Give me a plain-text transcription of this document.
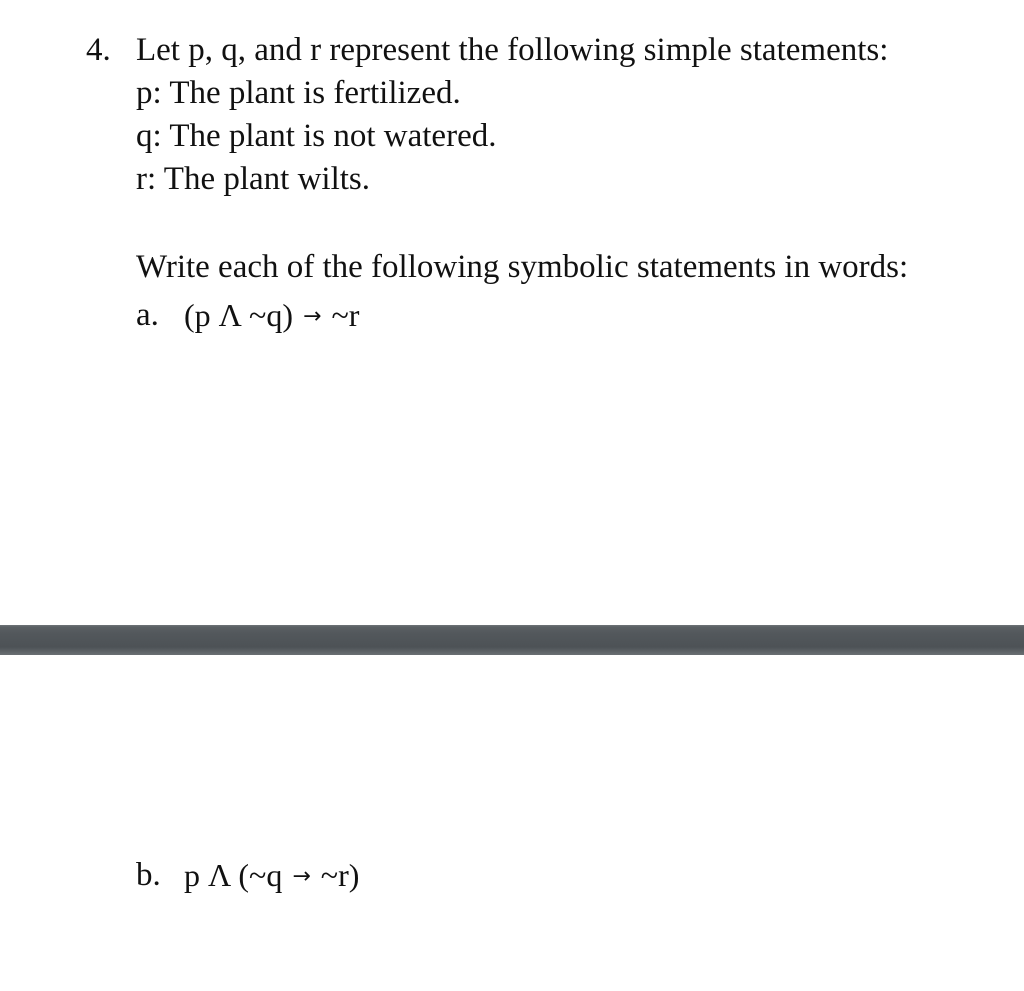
4. Let p, q, and r represent the following simple statements:
p: The plant is fertilized.
q: The plant is not watered.
r: The plant wilts.
Write each of the following symbolic statements in words:
a. (p Λ ~q) → ~r
b. p Λ (~q → ~r)
